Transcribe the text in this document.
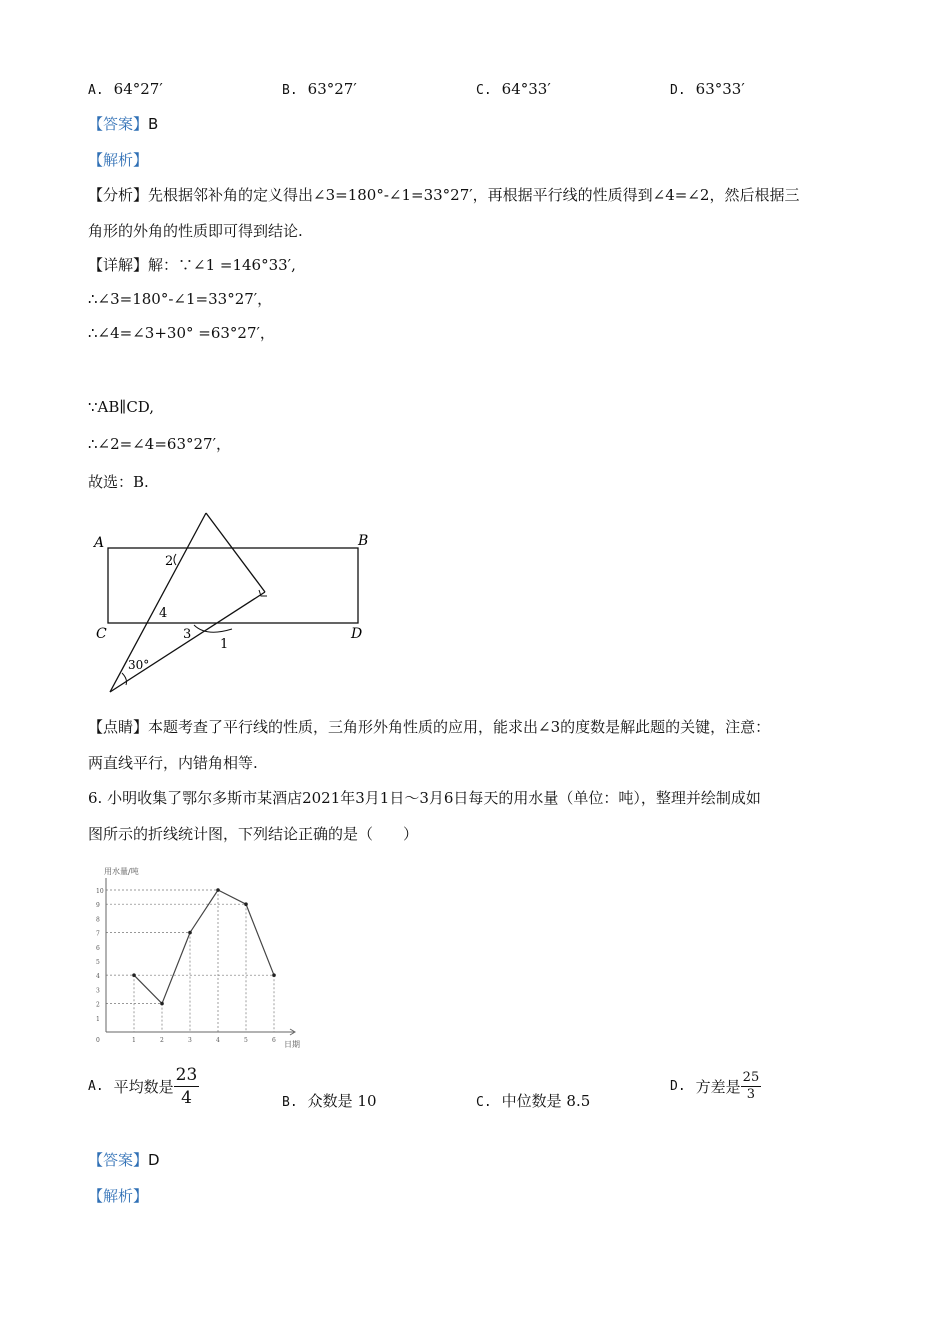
A. 64°27′	B. 63°27′	C. 64°33′	D. 63°33′
【答案】B
【解析】
【分析】先根据邻补角的定义得出∠3=180°-∠1=33°27′，再根据平行线的性质得到∠4=∠2，然后根据三
角形的外角的性质即可得到结论.
【详解】解：∵∠1 =146°33′,
∴∠3=180°-∠1=33°27′，
∴∠4=∠3+30° =63°27′，
∵AB∥CD,
∴∠2=∠4=63°27′，
故选：B.
A	B
C	D
1
2
3
4
30°
【点睛】本题考查了平行线的性质，三角形外角性质的应用，能求出∠3的度数是解此题的关键，注意：
两直线平行，内错角相等.
6. 小明收集了鄂尔多斯市某酒店2021年3月1日～3月6日每天的用水量（单位：吨），整理并绘制成如
图所示的折线统计图，下列结论正确的是（　　）
1
2
3
4
5
6
7
8
9
10
0	1	2	3	4	5	6
用水量/吨
日期
A. 平均数是 $\frac{23}{4}$	B. 众数是 10	C. 中位数是 8.5
D. 方差是 $\frac{25}{3}$
【答案】D
【解析】
